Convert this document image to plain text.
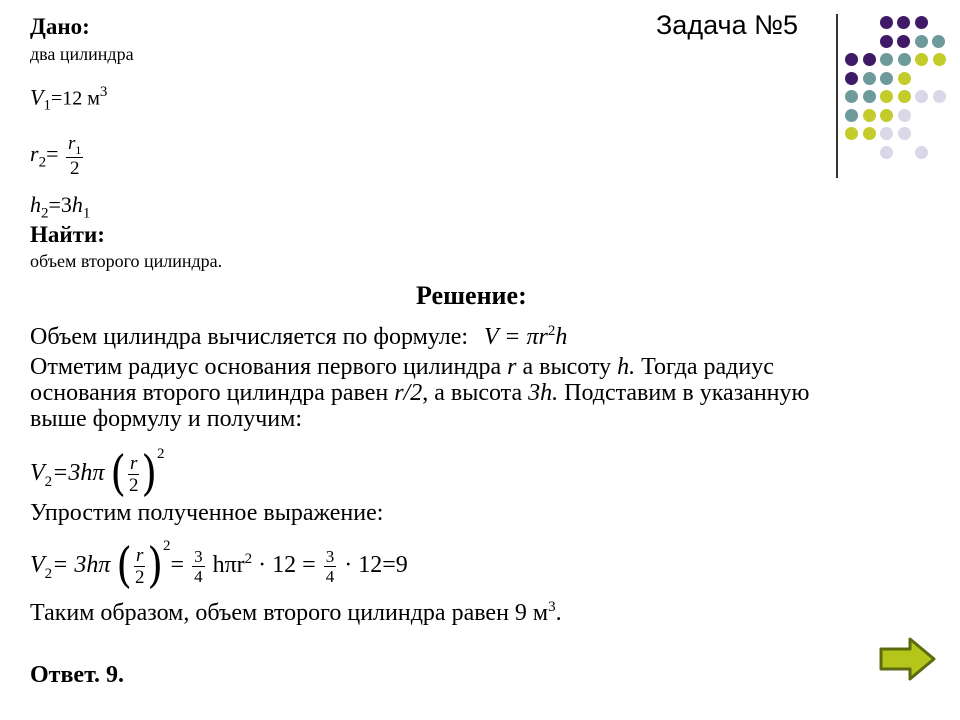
Задача №5
Дано:
два цилиндра
$V_1=12$ $м^3$
$r_2= \frac{r_1}{2}$
$h_2=3h_1$
Найти:
объем второго цилиндра.
Решение:
Объем цилиндра вычисляется по формуле: $V = \pi r^2h$
Отметим радиус основания первого цилиндра r а высоту h. Тогда радиус
основания второго цилиндра равен r/2, а высота 3h. Подставим в указанную
выше формулу и получим:
$V_2=3h\pi$ ( $\frac{r}{2} )^2$
Упростим полученное выражение:
$V_2= 3h\pi$ ( $\frac{r}{2} )^2= \frac{3}{4} h\pi r^2 \cdot 12 = \frac{3}{4} \cdot 12=9$
Таким образом, объем второго цилиндра равен 9 $м^3$.
Ответ. 9.
